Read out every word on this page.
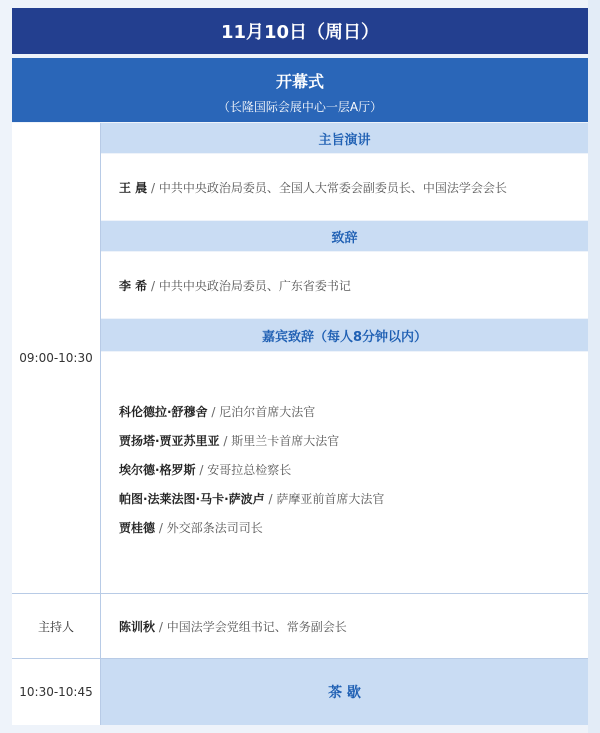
11月10日（周日）
开幕式
（长隆国际会展中心一层A厅）
09:00-10:30
主旨演讲
王 晨 / 中共中央政治局委员、全国人大常委会副委员长、中国法学会会长
致辞
李 希 / 中共中央政治局委员、广东省委书记
嘉宾致辞（每人8分钟以内）
科伦德拉·舒穆舍 / 尼泊尔首席大法官
贾扬塔·贾亚苏里亚 / 斯里兰卡首席大法官
埃尔德·格罗斯 / 安哥拉总检察长
帕图·法莱法图·马卡·萨波卢 / 萨摩亚前首席大法官
贾桂德 / 外交部条法司司长
主持人	陈训秋 / 中国法学会党组书记、常务副会长
10:30-10:45	茶 歇
